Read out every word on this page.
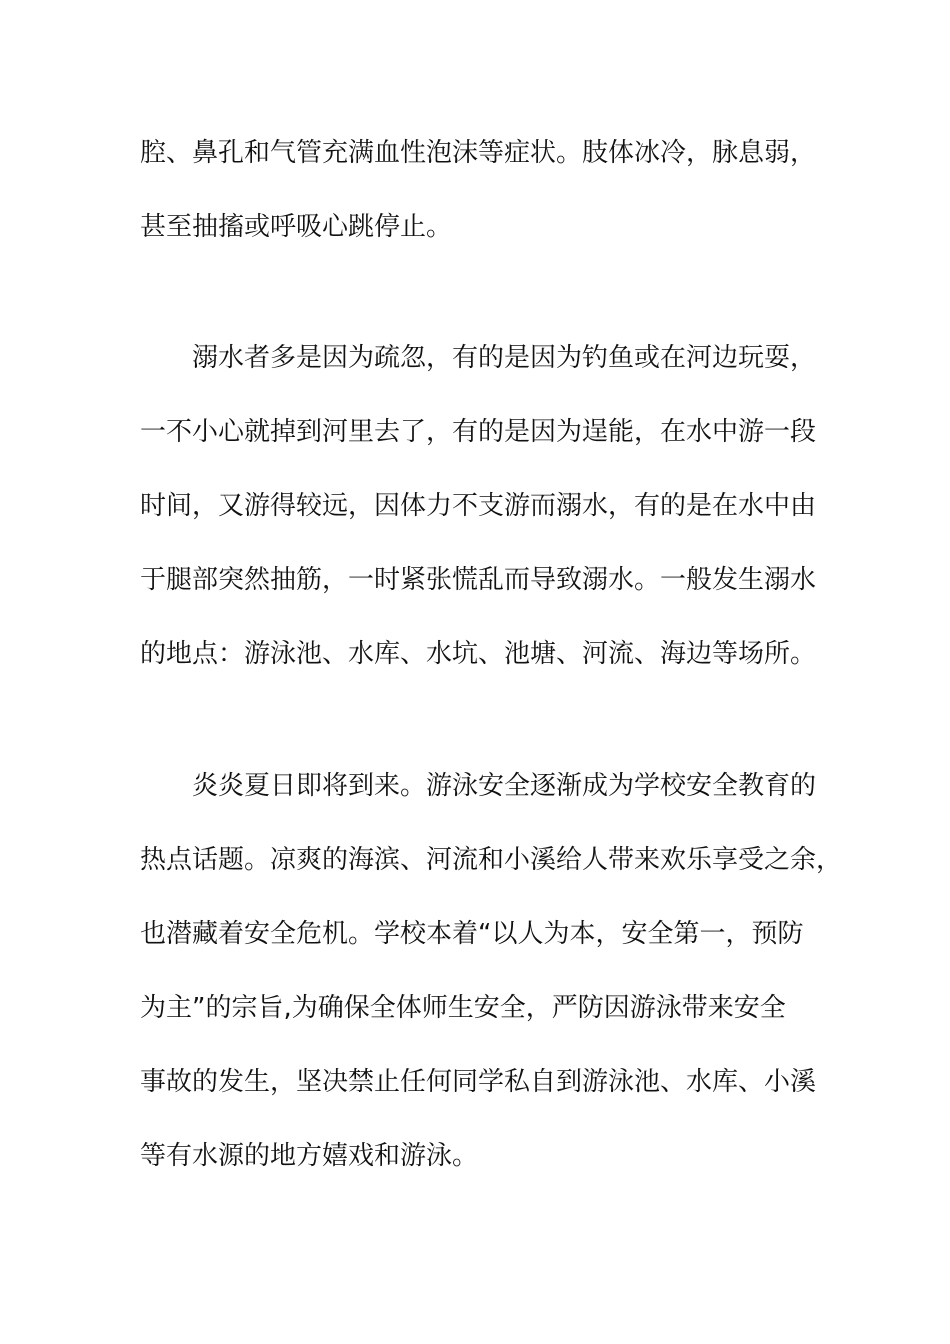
腔、鼻孔和气管充满血性泡沫等症状。肢体冰冷，脉息弱，
甚至抽搐或呼吸心跳停止。
溺水者多是因为疏忽，有的是因为钓鱼或在河边玩耍，
一不小心就掉到河里去了，有的是因为逞能，在水中游一段
时间，又游得较远，因体力不支游而溺水，有的是在水中由
于腿部突然抽筋，一时紧张慌乱而导致溺水。一般发生溺水
的地点：游泳池、水库、水坑、池塘、河流、海边等场所。
炎炎夏日即将到来。游泳安全逐渐成为学校安全教育的
热点话题。凉爽的海滨、河流和小溪给人带来欢乐享受之余，
也潜藏着安全危机。学校本着“以人为本，安全第一，预防
为主”的宗旨,为确保全体师生安全，严防因游泳带来安全
事故的发生，坚决禁止任何同学私自到游泳池、水库、小溪
等有水源的地方嬉戏和游泳。
